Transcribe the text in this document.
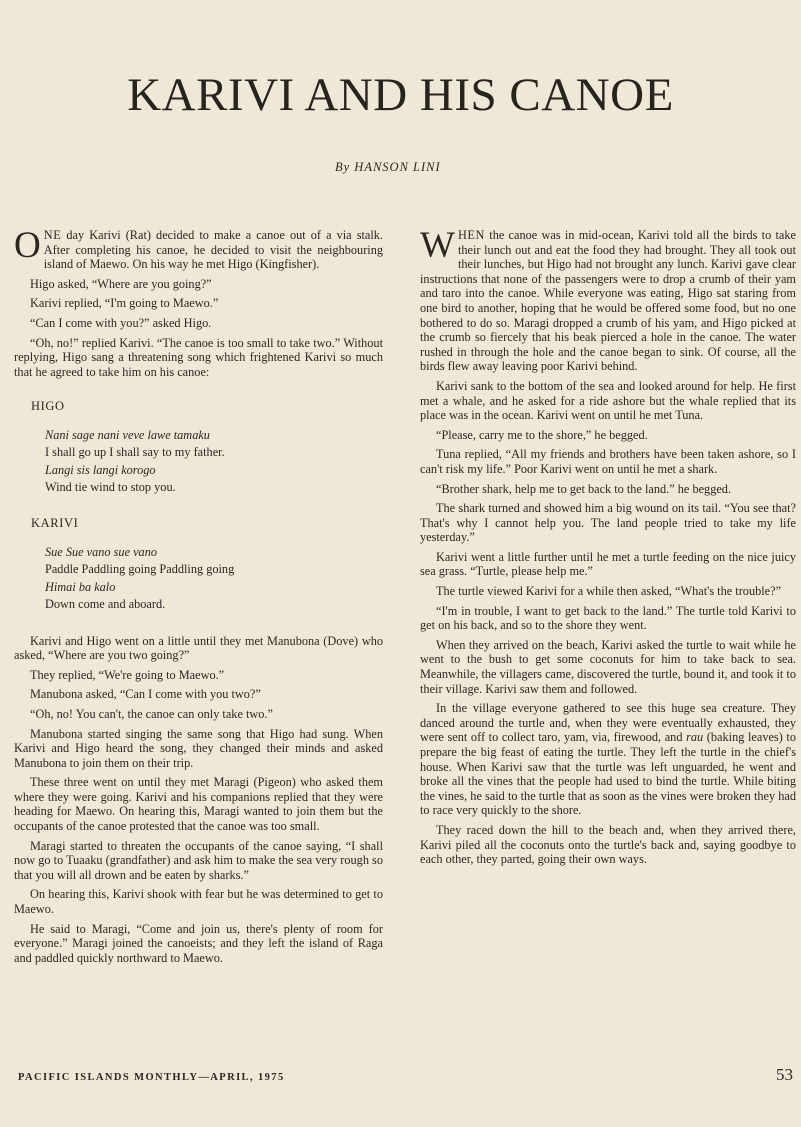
KARIVI AND HIS CANOE
By HANSON LINI

ONE day Karivi (Rat) decided to make a canoe out of a via stalk. After completing his canoe, he decided to visit the neighbouring island of Maewo. On his way he met Higo (Kingfisher).

Higo asked, “Where are you going?”

Karivi replied, “I'm going to Maewo.”

“Can I come with you?” asked Higo.

“Oh, no!” replied Karivi. “The canoe is too small to take two.” Without replying, Higo sang a threatening song which frightened Karivi so much that he agreed to take him on his canoe:

HIGO
Nani sage nani veve lawe tamaku
I shall go up I shall say to my father.
Langi sis langi korogo
Wind tie wind to stop you.
KARIVI
Sue Sue vano sue vano
Paddle Paddling going Paddling going
Himai ba kalo
Down come and aboard.

Karivi and Higo went on a little until they met Manubona (Dove) who asked, “Where are you two going?”

They replied, “We're going to Maewo.”

Manubona asked, “Can I come with you two?”

“Oh, no! You can't, the canoe can only take two.”

Manubona started singing the same song that Higo had sung. When Karivi and Higo heard the song, they changed their minds and asked Manubona to join them on their trip.

These three went on until they met Maragi (Pigeon) who asked them where they were going. Karivi and his companions replied that they were heading for Maewo. On hearing this, Maragi wanted to join them but the occupants of the canoe protested that the canoe was too small.

Maragi started to threaten the occupants of the canoe saying, “I shall now go to Tuaaku (grandfather) and ask him to make the sea very rough so that you will all drown and be eaten by sharks.”

On hearing this, Karivi shook with fear but he was determined to get to Maewo.

He said to Maragi, “Come and join us, there's plenty of room for everyone.” Maragi joined the canoeists; and they left the island of Raga and paddled quickly northward to Maewo.

WHEN the canoe was in mid-ocean, Karivi told all the birds to take their lunch out and eat the food they had brought. They all took out their lunches, but Higo had not brought any lunch. Karivi gave clear instructions that none of the passengers were to drop a crumb of their yam and taro into the canoe. While everyone was eating, Higo sat staring from one bird to another, hoping that he would be offered some food, but no one bothered to do so. Maragi dropped a crumb of his yam, and Higo picked at the crumb so fiercely that his beak pierced a hole in the canoe. The water rushed in through the hole and the canoe began to sink. Of course, all the birds flew away leaving poor Karivi behind.

Karivi sank to the bottom of the sea and looked around for help. He first met a whale, and he asked for a ride ashore but the whale replied that its place was in the ocean. Karivi went on until he met Tuna.

“Please, carry me to the shore,” he begged.

Tuna replied, “All my friends and brothers have been taken ashore, so I can't risk my life.” Poor Karivi went on until he met a shark.

“Brother shark, help me to get back to the land.” he begged.

The shark turned and showed him a big wound on its tail. “You see that? That's why I cannot help you. The land people tried to take my life yesterday.”

Karivi went a little further until he met a turtle feeding on the nice juicy sea grass. “Turtle, please help me.”

The turtle viewed Karivi for a while then asked, “What's the trouble?”

“I'm in trouble, I want to get back to the land.” The turtle told Karivi to get on his back, and so to the shore they went.

When they arrived on the beach, Karivi asked the turtle to wait while he went to the bush to get some coconuts for him to take back to sea. Meanwhile, the villagers came, discovered the turtle, bound it, and took it to their village. Karivi saw them and followed.

In the village everyone gathered to see this huge sea creature. They danced around the turtle and, when they were eventually exhausted, they were sent off to collect taro, yam, via, firewood, and rau (baking leaves) to prepare the big feast of eating the turtle. They left the turtle in the chief's house. When Karivi saw that the turtle was left unguarded, he went and broke all the vines that the people had used to bind the turtle. While biting the vines, he said to the turtle that as soon as the vines were broken they had to race very quickly to the shore.

They raced down the hill to the beach and, when they arrived there, Karivi piled all the coconuts onto the turtle's back and, saying goodbye to each other, they parted, going their own ways.

PACIFIC ISLANDS MONTHLY—APRIL, 1975	53
